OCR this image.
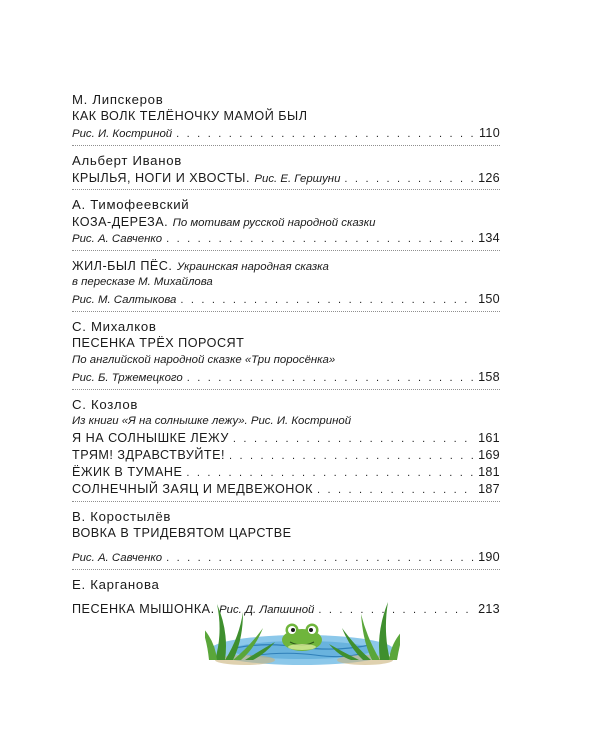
М. Липскеров
КАК ВОЛК ТЕЛЁНОЧКУ МАМОЙ БЫЛ
Рис. И. Костриной . . .	110
Альберт Иванов
КРЫЛЬЯ, НОГИ И ХВОСТЫ. Рис. Е. Гершуни . . .	126
А. Тимофеевский
КОЗА-ДЕРЕЗА. По мотивам русской народной сказки
Рис. А. Савченко . . .	134
ЖИЛ-БЫЛ ПЁС. Украинская народная сказка
в пересказе М. Михайлова
Рис. М. Салтыкова . . .	150
С. Михалков
ПЕСЕНКА ТРЁХ ПОРОСЯТ
По английской народной сказке «Три поросёнка»
Рис. Б. Тржемецкого . . .	158
С. Козлов
Из книги «Я на солнышке лежу». Рис. И. Костриной
Я НА СОЛНЫШКЕ ЛЕЖУ . . .	161
ТРЯМ! ЗДРАВСТВУЙТЕ! . . .	169
ЁЖИК В ТУМАНЕ . . .	181
СОЛНЕЧНЫЙ ЗАЯЦ И МЕДВЕЖОНОК . . .	187
В. Коростылёв
ВОВКА В ТРИДЕВЯТОМ ЦАРСТВЕ
Рис. А. Савченко . . .	190
Е. Карганова
ПЕСЕНКА МЫШОНКА. Рис. Д. Лапшиной . . .	213
